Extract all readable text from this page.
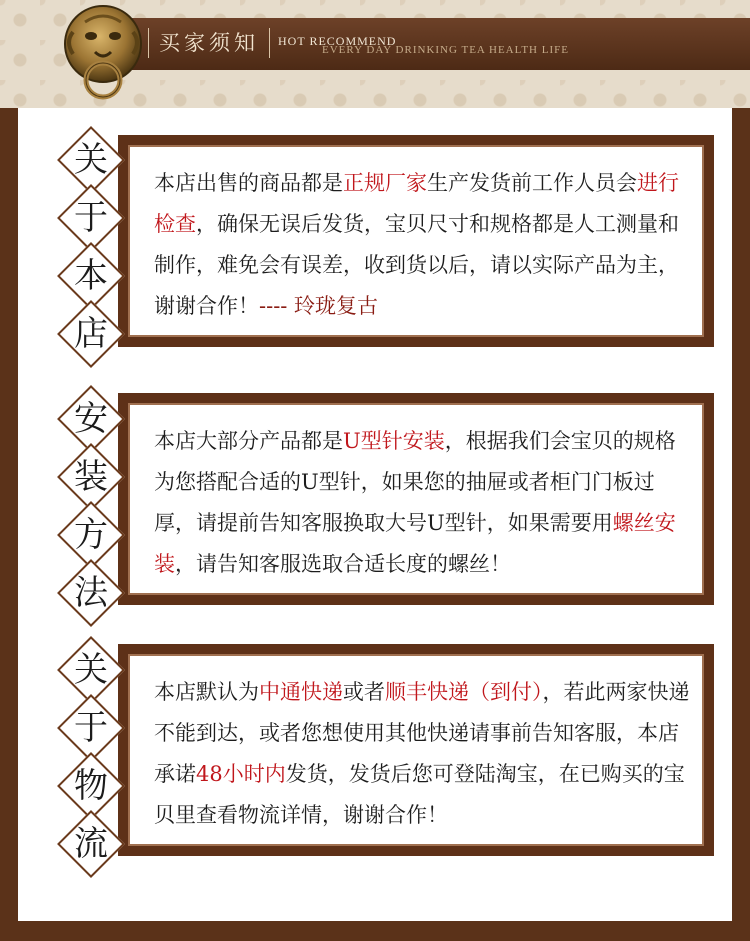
买家须知	HOT RECOMMEND
EVERY DAY DRINKING TEA HEALTH LIFE

本店出售的商品都是正规厂家生产发货前工作人员会进行检查，确保无误后发货，宝贝尺寸和规格都是人工测量和制作，难免会有误差，收到货以后，请以实际产品为主，谢谢合作！---- 玲珑复古

关
于
本
店

本店大部分产品都是U型针安装，根据我们会宝贝的规格为您搭配合适的U型针，如果您的抽屉或者柜门门板过厚，请提前告知客服换取大号U型针，如果需要用螺丝安装，请告知客服选取合适长度的螺丝！

安
装
方
法

本店默认为中通快递或者顺丰快递（到付），若此两家快递不能到达，或者您想使用其他快递请事前告知客服，本店承诺48小时内发货，发货后您可登陆淘宝，在已购买的宝贝里查看物流详情，谢谢合作！

关
于
物
流
